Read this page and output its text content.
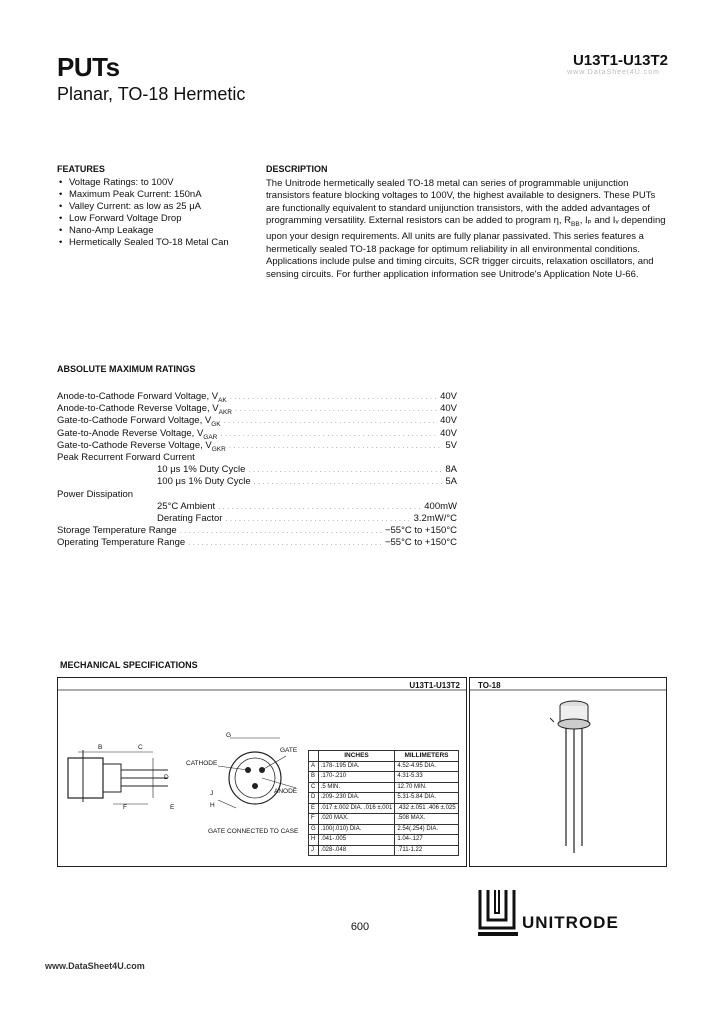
PUTs
Planar, TO-18 Hermetic
U13T1-U13T2
www.DataSheet4U.com
FEATURES
• Voltage Ratings: to 100V
• Maximum Peak Current: 150nA
• Valley Current: as low as 25 μA
• Low Forward Voltage Drop
• Nano-Amp Leakage
• Hermetically Sealed TO-18 Metal Can
DESCRIPTION

The Unitrode hermetically sealed TO-18 metal can series of programmable unijunction transistors feature blocking voltages to 100V, the highest available to designers. These PUTs are functionally equivalent to standard unijunction transistors, with the added advantages of programming versatility. External resistors can be added to program η, $R_{BB}$, Iₚ and Iᵥ depending upon your design requirements. All units are fully planar passivated. This series features a hermetically sealed TO-18 package for optimum reliability in all environmental conditions. Applications include pulse and timing circuits, SCR trigger circuits, relaxation oscillators, and sensing circuits. For further application information see Unitrode's Application Note U-66.

ABSOLUTE MAXIMUM RATINGS
Anode-to-Cathode Forward Voltage, $V_{AK}$ . . .	40V
Anode-to-Cathode Reverse Voltage, $V_{AKR}$ . . .	40V
Gate-to-Cathode Forward Voltage, $V_{GK}$ . . .	40V
Gate-to-Anode Reverse Voltage, $V_{GAR}$ . . .	40V
Gate-to-Cathode Reverse Voltage, $V_{GKR}$ . . .	5V
Peak Recurrent Forward Current
10 μs 1% Duty Cycle . . .	8A
100 μs 1% Duty Cycle . . .	5A
Power Dissipation
25°C Ambient . . .	400mW
Derating Factor . . .	3.2mW/°C
Storage Temperature Range . . .	−55°C to +150°C
Operating Temperature Range . . .	−55°C to +150°C
MECHANICAL SPECIFICATIONS
U13T1-U13T2
B	C
D
F	E
G
H
J
GATE
CATHODE
ANODE
GATE CONNECTED TO CASE
	INCHES	MILLIMETERS
A	.178-.195 DIA.	4.52-4.95 DIA.
B	.170-.210	4.31-5.33
C	.5 MIN.	12.70 MIN.
D	.209-.230 DIA.	5.31-5.84 DIA.
E	.017 ±.002 DIA. .016 ±.001	.432 ±.051 .406 ±.025
F	.020 MAX.	.508 MAX.
G	.100(.010) DIA.	2.54(.254) DIA.
H	.041-.005	1.04-.127
J	.028-.048	.711-1.22
TO-18
600	UNITRODE
www.DataSheet4U.com
